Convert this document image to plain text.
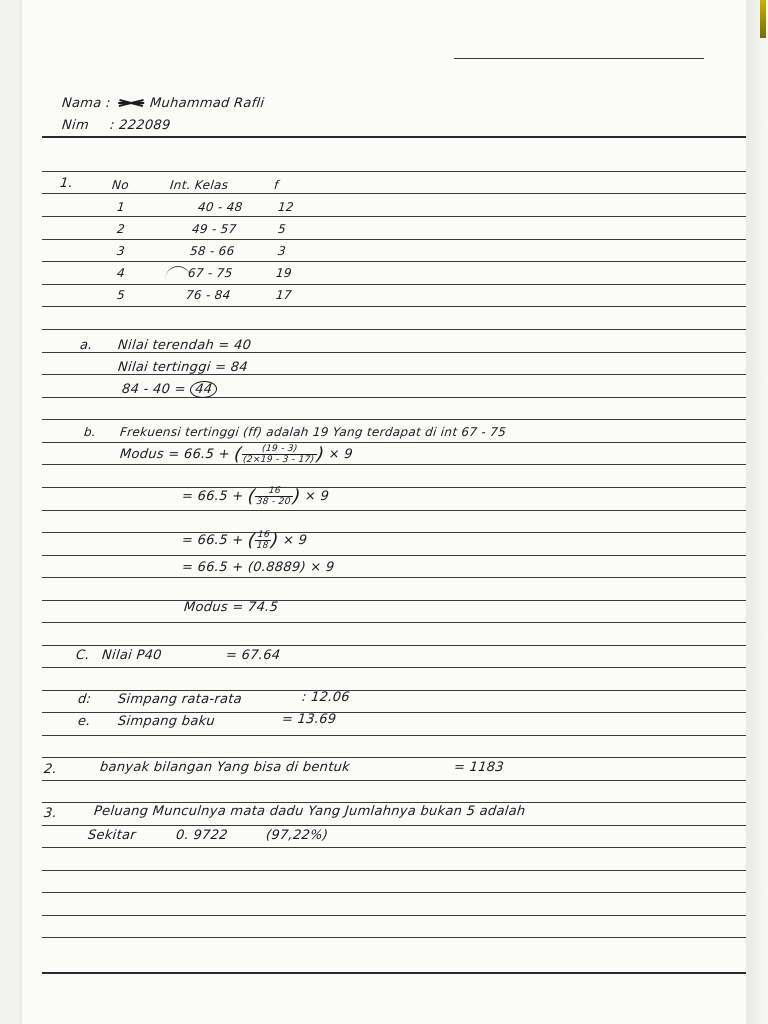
Nama :	Muhammad Rafli
Nim : 222089
1.	No	Int. Kelas	f
1	40 - 48	12
2	49 - 57	5
3	58 - 66	3
4	67 - 75	19
5	76 - 84	17
a. Nilai terendah = 40
Nilai tertinggi = 84
84 - 40 = 44
b. Frekuensi tertinggi (ff) adalah 19 Yang terdapat di int 67 - 75
Modus = 66.5 + (
$\frac{(19 - 3)}{(2\times 19 - 3 - 17)}$
) × 9
= 66.5 + (
$\frac{16}{38 - 20}$
) × 9
= 66.5 + (
$\frac{16}{18}$
) × 9
= 66.5 + (0.8889) × 9
Modus = 74.5
C. Nilai P40	= 67.64
d: Simpang rata-rata	: 12.06
e. Simpang baku	= 13.69
2.	banyak bilangan Yang bisa di bentuk	= 1183
3.	Peluang Munculnya mata dadu Yang Jumlahnya bukan 5 adalah
Sekitar	0. 9722	(97,22%)
